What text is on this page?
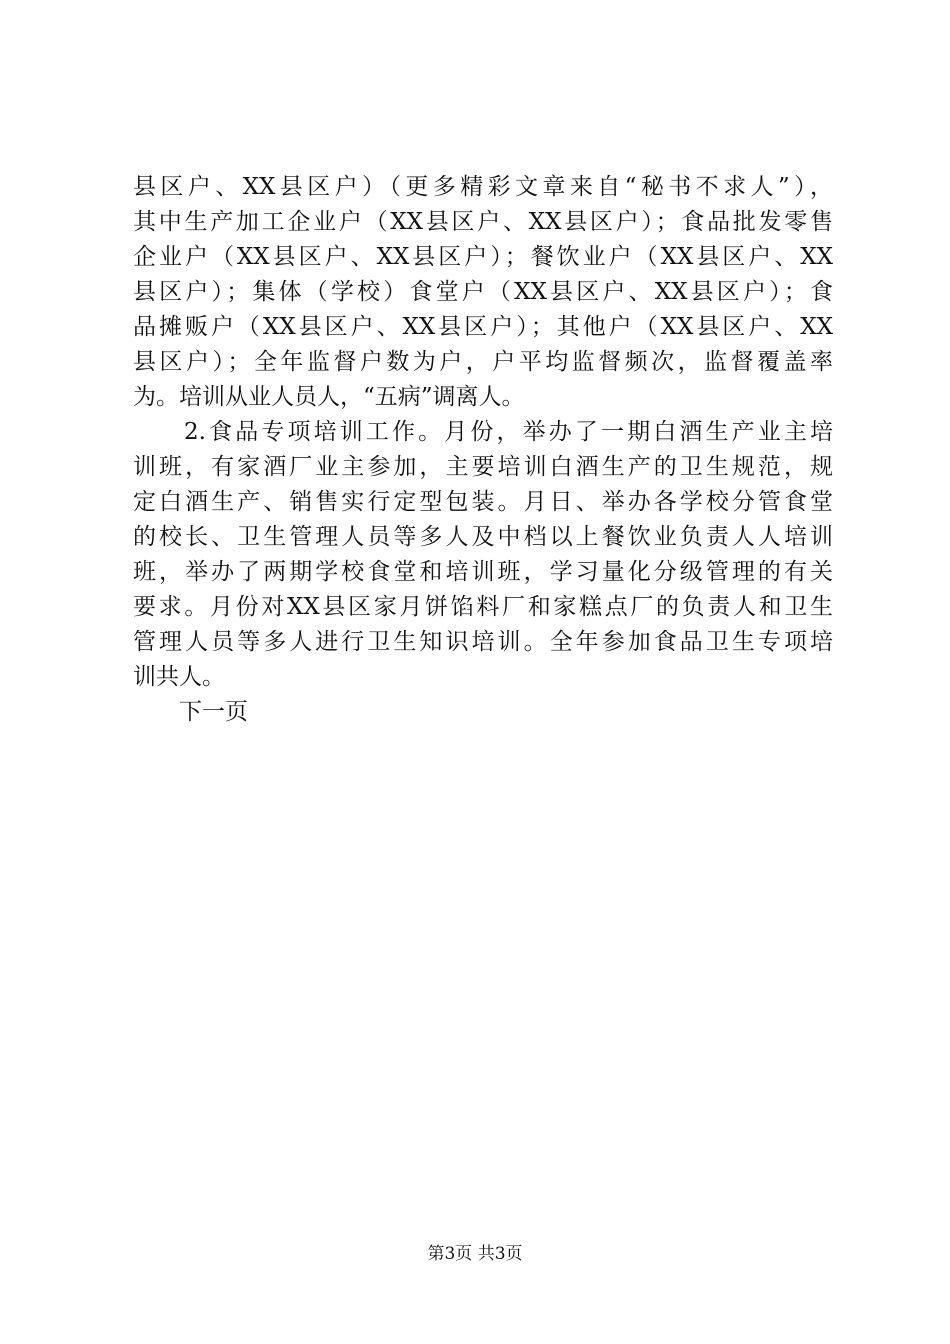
县区户、XX县区户）（更多精彩文章来自“秘书不求人”），
其中生产加工企业户（XX县区户、XX县区户）；食品批发零售
企业户（XX县区户、XX县区户）；餐饮业户（XX县区户、XX
县区户）；集体（学校）食堂户（XX县区户、XX县区户）；食
品摊贩户（XX县区户、XX县区户）；其他户（XX县区户、XX
县区户）；全年监督户数为户，户平均监督频次，监督覆盖率
为。培训从业人员人，“五病”调离人。
2.食品专项培训工作。月份，举办了一期白酒生产业主培
训班，有家酒厂业主参加，主要培训白酒生产的卫生规范，规
定白酒生产、销售实行定型包装。月日、举办各学校分管食堂
的校长、卫生管理人员等多人及中档以上餐饮业负责人人培训
班，举办了两期学校食堂和培训班，学习量化分级管理的有关
要求。月份对XX县区家月饼馅料厂和家糕点厂的负责人和卫生
管理人员等多人进行卫生知识培训。全年参加食品卫生专项培
训共人。
下一页
第3页 共3页
